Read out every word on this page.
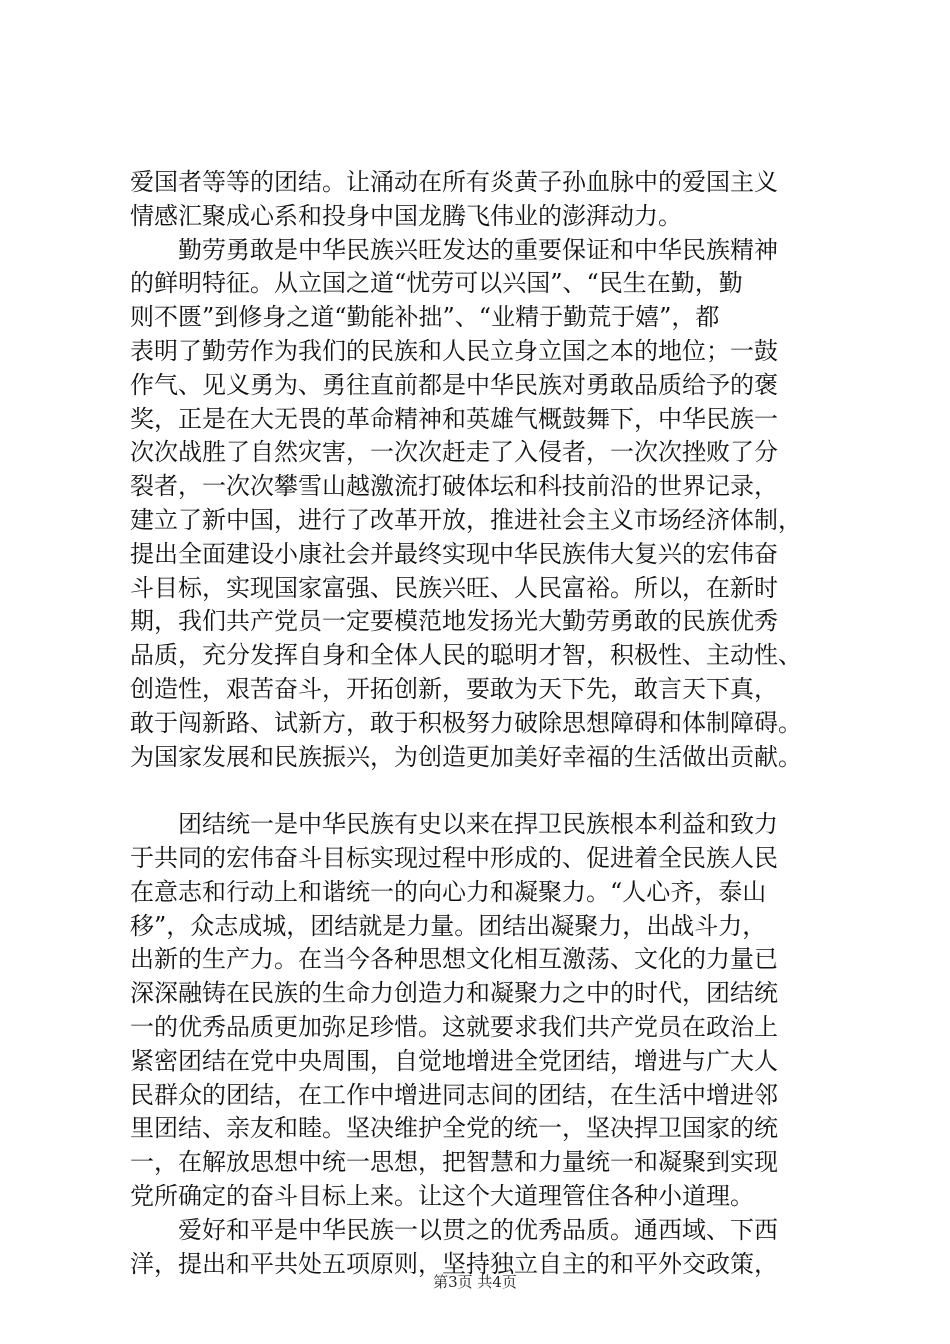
爱国者等等的团结。让涌动在所有炎黄子孙血脉中的爱国主义
情感汇聚成心系和投身中国龙腾飞伟业的澎湃动力。
　　勤劳勇敢是中华民族兴旺发达的重要保证和中华民族精神
的鲜明特征。从立国之道“忧劳可以兴国”、“民生在勤，勤
则不匮”到修身之道“勤能补拙”、“业精于勤荒于嬉”，都
表明了勤劳作为我们的民族和人民立身立国之本的地位；一鼓
作气、见义勇为、勇往直前都是中华民族对勇敢品质给予的褒
奖，正是在大无畏的革命精神和英雄气概鼓舞下，中华民族一
次次战胜了自然灾害，一次次赶走了入侵者，一次次挫败了分
裂者，一次次攀雪山越激流打破体坛和科技前沿的世界记录，
建立了新中国，进行了改革开放，推进社会主义市场经济体制，
提出全面建设小康社会并最终实现中华民族伟大复兴的宏伟奋
斗目标，实现国家富强、民族兴旺、人民富裕。所以，在新时
期，我们共产党员一定要模范地发扬光大勤劳勇敢的民族优秀
品质，充分发挥自身和全体人民的聪明才智，积极性、主动性、
创造性，艰苦奋斗，开拓创新，要敢为天下先，敢言天下真，
敢于闯新路、试新方，敢于积极努力破除思想障碍和体制障碍。
为国家发展和民族振兴，为创造更加美好幸福的生活做出贡献。
　　团结统一是中华民族有史以来在捍卫民族根本利益和致力
于共同的宏伟奋斗目标实现过程中形成的、促进着全民族人民
在意志和行动上和谐统一的向心力和凝聚力。“人心齐，泰山
移”，众志成城，团结就是力量。团结出凝聚力，出战斗力，
出新的生产力。在当今各种思想文化相互激荡、文化的力量已
深深融铸在民族的生命力创造力和凝聚力之中的时代，团结统
一的优秀品质更加弥足珍惜。这就要求我们共产党员在政治上
紧密团结在党中央周围，自觉地增进全党团结，增进与广大人
民群众的团结，在工作中增进同志间的团结，在生活中增进邻
里团结、亲友和睦。坚决维护全党的统一，坚决捍卫国家的统
一，在解放思想中统一思想，把智慧和力量统一和凝聚到实现
党所确定的奋斗目标上来。让这个大道理管住各种小道理。
　　爱好和平是中华民族一以贯之的优秀品质。通西域、下西
洋，提出和平共处五项原则，坚持独立自主的和平外交政策，
第3页 共4页
